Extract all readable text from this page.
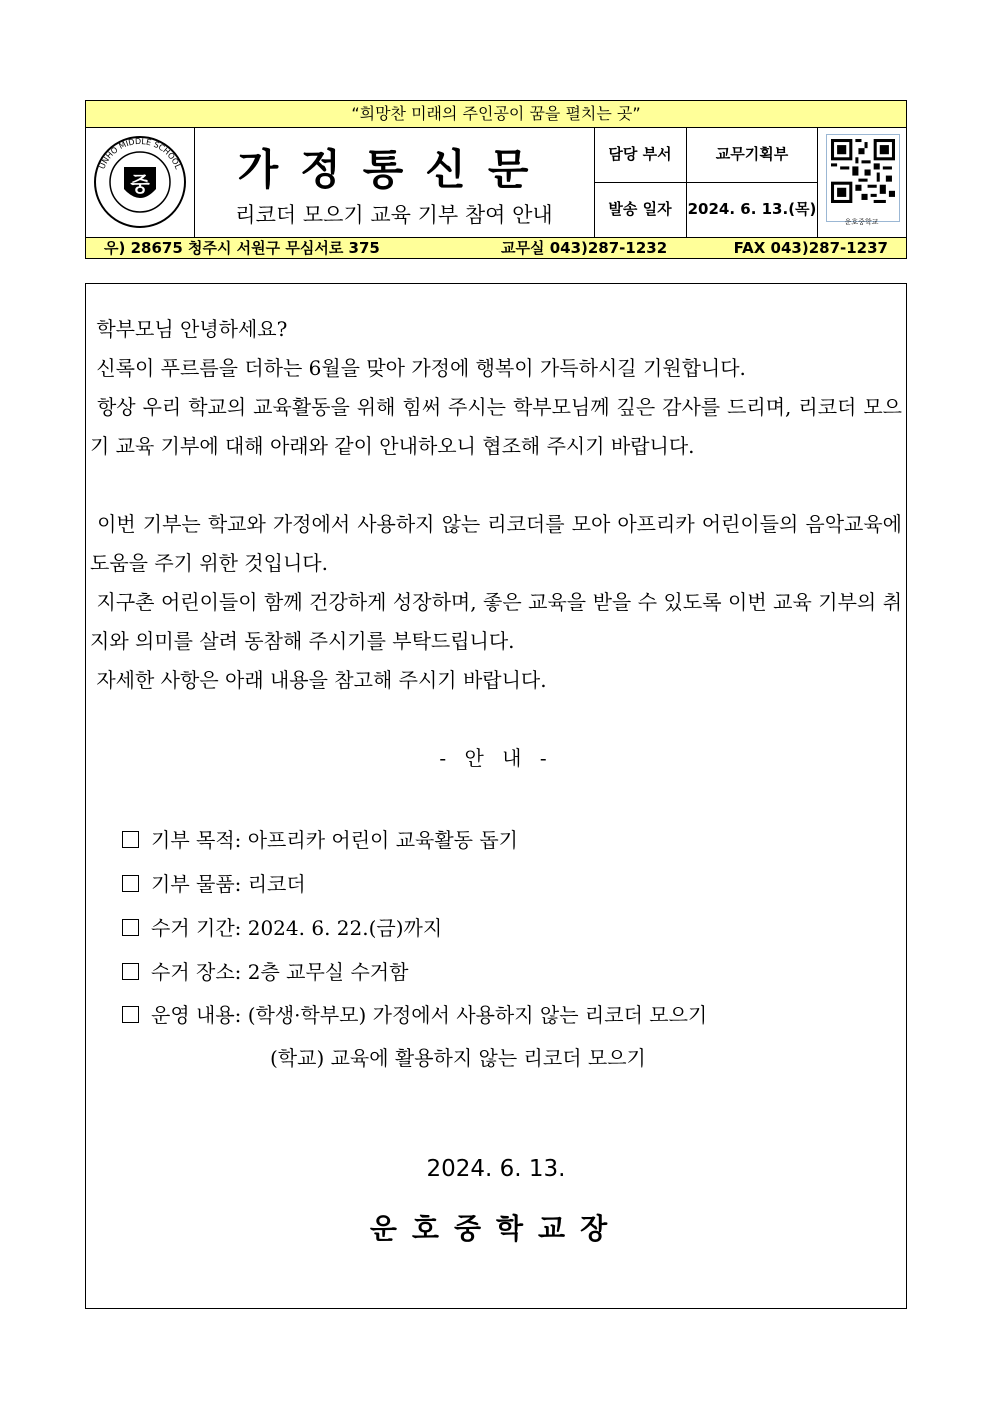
“희망찬 미래의 주인공이 꿈을 펼치는 곳”
중
UNHO MIDDLE SCHOOL	가정통신문
리코더 모으기 교육 기부 참여 안내
담당 부서	교무기획부
발송 일자	2024. 6. 13.(목)
운호중학교
우) 28675 청주시 서원구 무심서로 375	교무실 043)287-1232	FAX 043)287-1237

학부모님 안녕하세요?

신록이 푸르름을 더하는 6월을 맞아 가정에 행복이 가득하시길 기원합니다.

항상 우리 학교의 교육활동을 위해 힘써 주시는 학부모님께 깊은 감사를 드리며, 리코더 모으기 교육 기부에 대해 아래와 같이 안내하오니 협조해 주시기 바랍니다.

이번 기부는 학교와 가정에서 사용하지 않는 리코더를 모아 아프리카 어린이들의 음악교육에 도움을 주기 위한 것입니다.

지구촌 어린이들이 함께 건강하게 성장하며, 좋은 교육을 받을 수 있도록 이번 교육 기부의 취지와 의미를 살려 동참해 주시기를 부탁드립니다.

자세한 사항은 아래 내용을 참고해 주시기 바랍니다.

- 안 내 -
기부 목적: 아프리카 어린이 교육활동 돕기
기부 물품: 리코더
수거 기간: 2024. 6. 22.(금)까지
수거 장소: 2층 교무실 수거함
운영 내용: (학생·학부모) 가정에서 사용하지 않는 리코더 모으기
(학교) 교육에 활용하지 않는 리코더 모으기
2024. 6. 13.
운호중학교장
